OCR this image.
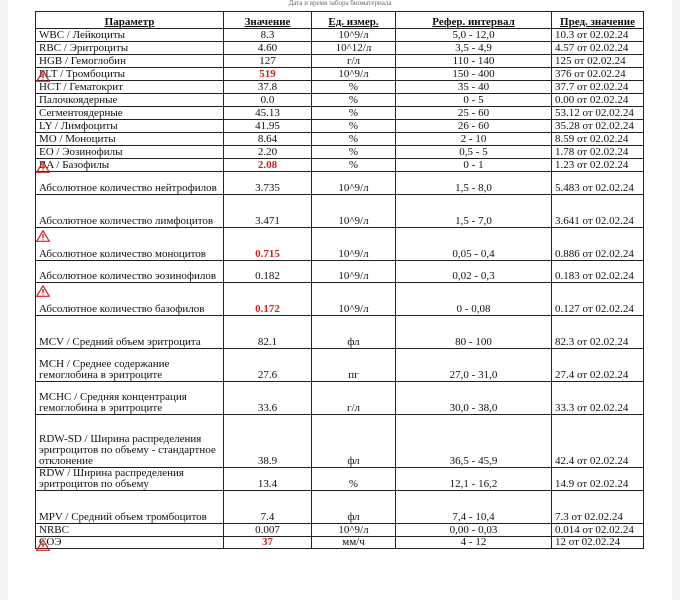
Дата и время забора биоматериала
Параметр	Значение	Ед. измер.	Рефер. интервал	Пред. значение
WBC / Лейкоциты	8.3	10^9/л	5,0 - 12,0	10.3 от 02.02.24
RBC / Эритроциты	4.60	10^12/л	3,5 - 4,9	4.57 от 02.02.24
HGB / Гемоглобин	127	г/л	110 - 140	125 от 02.02.24
PLT / Тромбоциты	519	10^9/л	150 - 400	376 от 02.02.24
HCT / Гематокрит	37.8	%	35 - 40	37.7 от 02.02.24
Палочкоядерные	0.0	%	0 - 5	0.00 от 02.02.24
Сегментоядерные	45.13	%	25 - 60	53.12 от 02.02.24
LY / Лимфоциты	41.95	%	26 - 60	35.28 от 02.02.24
MO / Моноциты	8.64	%	2 - 10	8.59 от 02.02.24
EO / Эозинофилы	2.20	%	0,5 - 5	1.78 от 02.02.24
BA / Базофилы	2.08	%	0 - 1	1.23 от 02.02.24
Абсолютное количество нейтрофилов	3.735	10^9/л	1,5 - 8,0	5.483 от 02.02.24
Абсолютное количество лимфоцитов	3.471	10^9/л	1,5 - 7,0	3.641 от 02.02.24
Абсолютное количество моноцитов	0.715	10^9/л	0,05 - 0,4	0.886 от 02.02.24
Абсолютное количество эозинофилов	0.182	10^9/л	0,02 - 0,3	0.183 от 02.02.24
Абсолютное количество базофилов	0.172	10^9/л	0 - 0,08	0.127 от 02.02.24
MCV / Средний объем эритроцита	82.1	фл	80 - 100	82.3 от 02.02.24
MCH / Среднее содержание гемоглобина в эритроците	27.6	пг	27,0 - 31,0	27.4 от 02.02.24
MCHC / Средняя концентрация гемоглобина в эритроците	33.6	г/л	30,0 - 38,0	33.3 от 02.02.24
RDW-SD / Ширина распределения эритроцитов по объему - стандартное отклонение	38.9	фл	36,5 - 45,9	42.4 от 02.02.24
RDW / Ширина распределения эритроцитов по объему	13.4	%	12,1 - 16,2	14.9 от 02.02.24
MPV / Средний объем тромбоцитов	7.4	фл	7,4 - 10,4	7.3 от 02.02.24
NRBC	0.007	10^9/л	0,00 - 0,03	0.014 от 02.02.24
СОЭ	37	мм/ч	4 - 12	12 от 02.02.24
